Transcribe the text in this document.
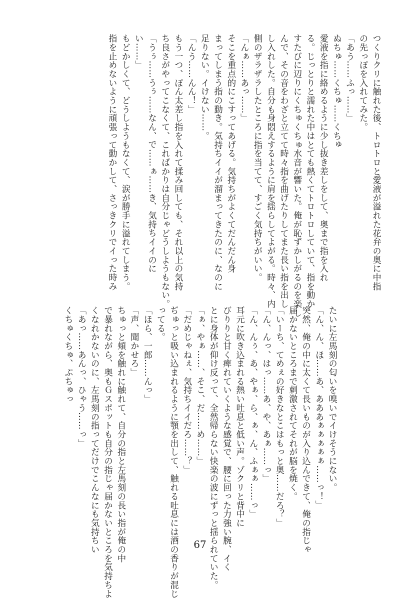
つくりクリに触れた後、トロトロと愛液が溢れた花弁の奥に中指

の先っぽを入れてみた。

「あう……ふっ……」

ぬちゅ……くちゅ……くちゅ

愛液を指に絡めるように少し抜き差しをして、奥まで指を入れ

る。じっとりと濡れた中はとても熱くてトロトロしていて、指を動か

すたびに辺りにくちゅくちゅ水音が響いた。俺が恥ずかしがるのを楽し

んで、その音をわざと立てて時々指を曲げたりしてまた長い指を出し

し入れした。自分も身悶えするように肩を揺らしてよがる。時々、内

側のザラザラしたところに指を当てて、すごく気持ちがいい。

「んぁ……あっ……」

そこを重点的にこすってあげる。気持ちがよくてだんだん身

まってしまう指の動き。気持ちイイが溜まってきたのに、なのに

足りない。イけない……。

「んう……んん！」

もう一つ、ぽん太差し指を入れて揉み回しても、それ以上の気持

ち良さがやってこなくて、こればかりは自分じゃどうしようもない。

「うぅ……うぅ……なん、で……ぁ……き、気持ちイイのに

い……」

もどかしくて、どうしようもなくて、涙が勝手に溢れてしまう。

指を止めないように頑張って動かして、さっきクリでイった時み

たいに左馬刻の匂いを嗅いでイけそうにない。

「ん、ん、ほ……あ、あああぁぁぁぁぁ……っ！」

突然、俺の中に太くて長いものが入り込んできて、俺の指じゃ

届かないところまで刺激されてそれが脳を焼く。

「いーち、てめぇの好きなとこはもっと奥……だろ？」

「ん、んっ、はっ……あ、や、あぁ……っ」

「ん、んぅ、あ、やぁ、ら、ぁ、ん、ふぁぁ……っ」

耳元に吹き込まれる熱い吐息と低い声。ゾクリと背中に

びりりと甘く痺れていくような感覚で、腰に回った力強い腕、イく

とに身体が仰け反って、全然帰らない快楽の波にずっと揺られていた。

「ぁ、やぁ……、そこ、だ……め……」

「だめじゃねぇ、気持ちイイだろ……？」

ぢゅっと吸い込まれるように顎を出して、触れる吐息には酒の香りが混じ

ってる。

「ほら、一郎……んっ」

「声、聞かせろ」

ちゅっと頬を触れに触れて、自分の指と左馬刻の長い指が俺の中

で暴れながら、奥もＧスポットも自分の指じゃ届かないところを気持ちよ

くなれかないのに、左馬刻の指ってだけでこんなにも気持ちい

「あっ……あんっ、ひゃう……っ」

くちゅくちゅ、ぷちゅっ

67
